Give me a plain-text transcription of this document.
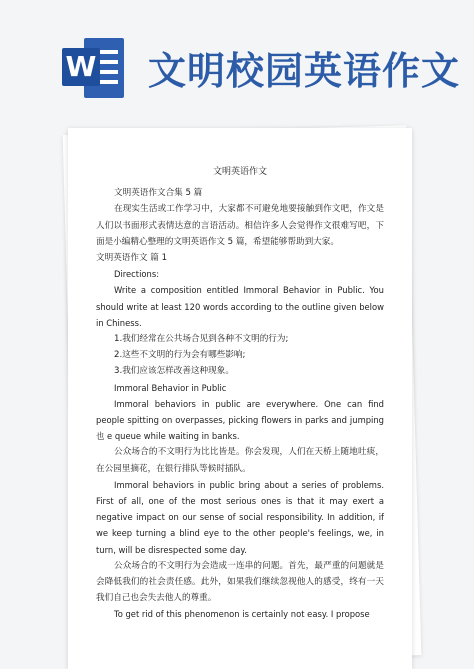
W 文明校园英语作文
文明英语作文

文明英语作文合集 5 篇

在现实生活或工作学习中，大家都不可避免地要接触到作文吧，作文是人们以书面形式表情达意的言语活动。相信许多人会觉得作文很难写吧，下面是小编精心整理的文明英语作文 5 篇，希望能够帮助到大家。

文明英语作文 篇 1

Directions:

Write a composition entitled Immoral Behavior in Public. You should write at least 120 words according to the outline given below in Chiness.

1.我们经常在公共场合见到各种不文明的行为;

2.这些不文明的行为会有哪些影响;

3.我们应该怎样改善这种现象。

Immoral Behavior in Public

Immoral behaviors in public are everywhere. One can find people spitting on overpasses, picking flowers in parks and jumping 也 e queue while waiting in banks.

公众场合的不文明行为比比皆是。你会发现，人们在天桥上随地吐痰，在公园里摘花，在银行排队等候时插队。

Immoral behaviors in public bring about a series of problems. First of all, one of the most serious ones is that it may exert a negative impact on our sense of social responsibility. In addition, if we keep turning a blind eye to the other people's feelings, we, in turn, will be disrespected some day.

公众场合的不文明行为会造成一连串的问题。首先，最严重的问题就是会降低我们的社会责任感。此外，如果我们继续忽视他人的感受，终有一天我们自己也会失去他人的尊重。

To get rid of this phenomenon is certainly not easy. I propose
